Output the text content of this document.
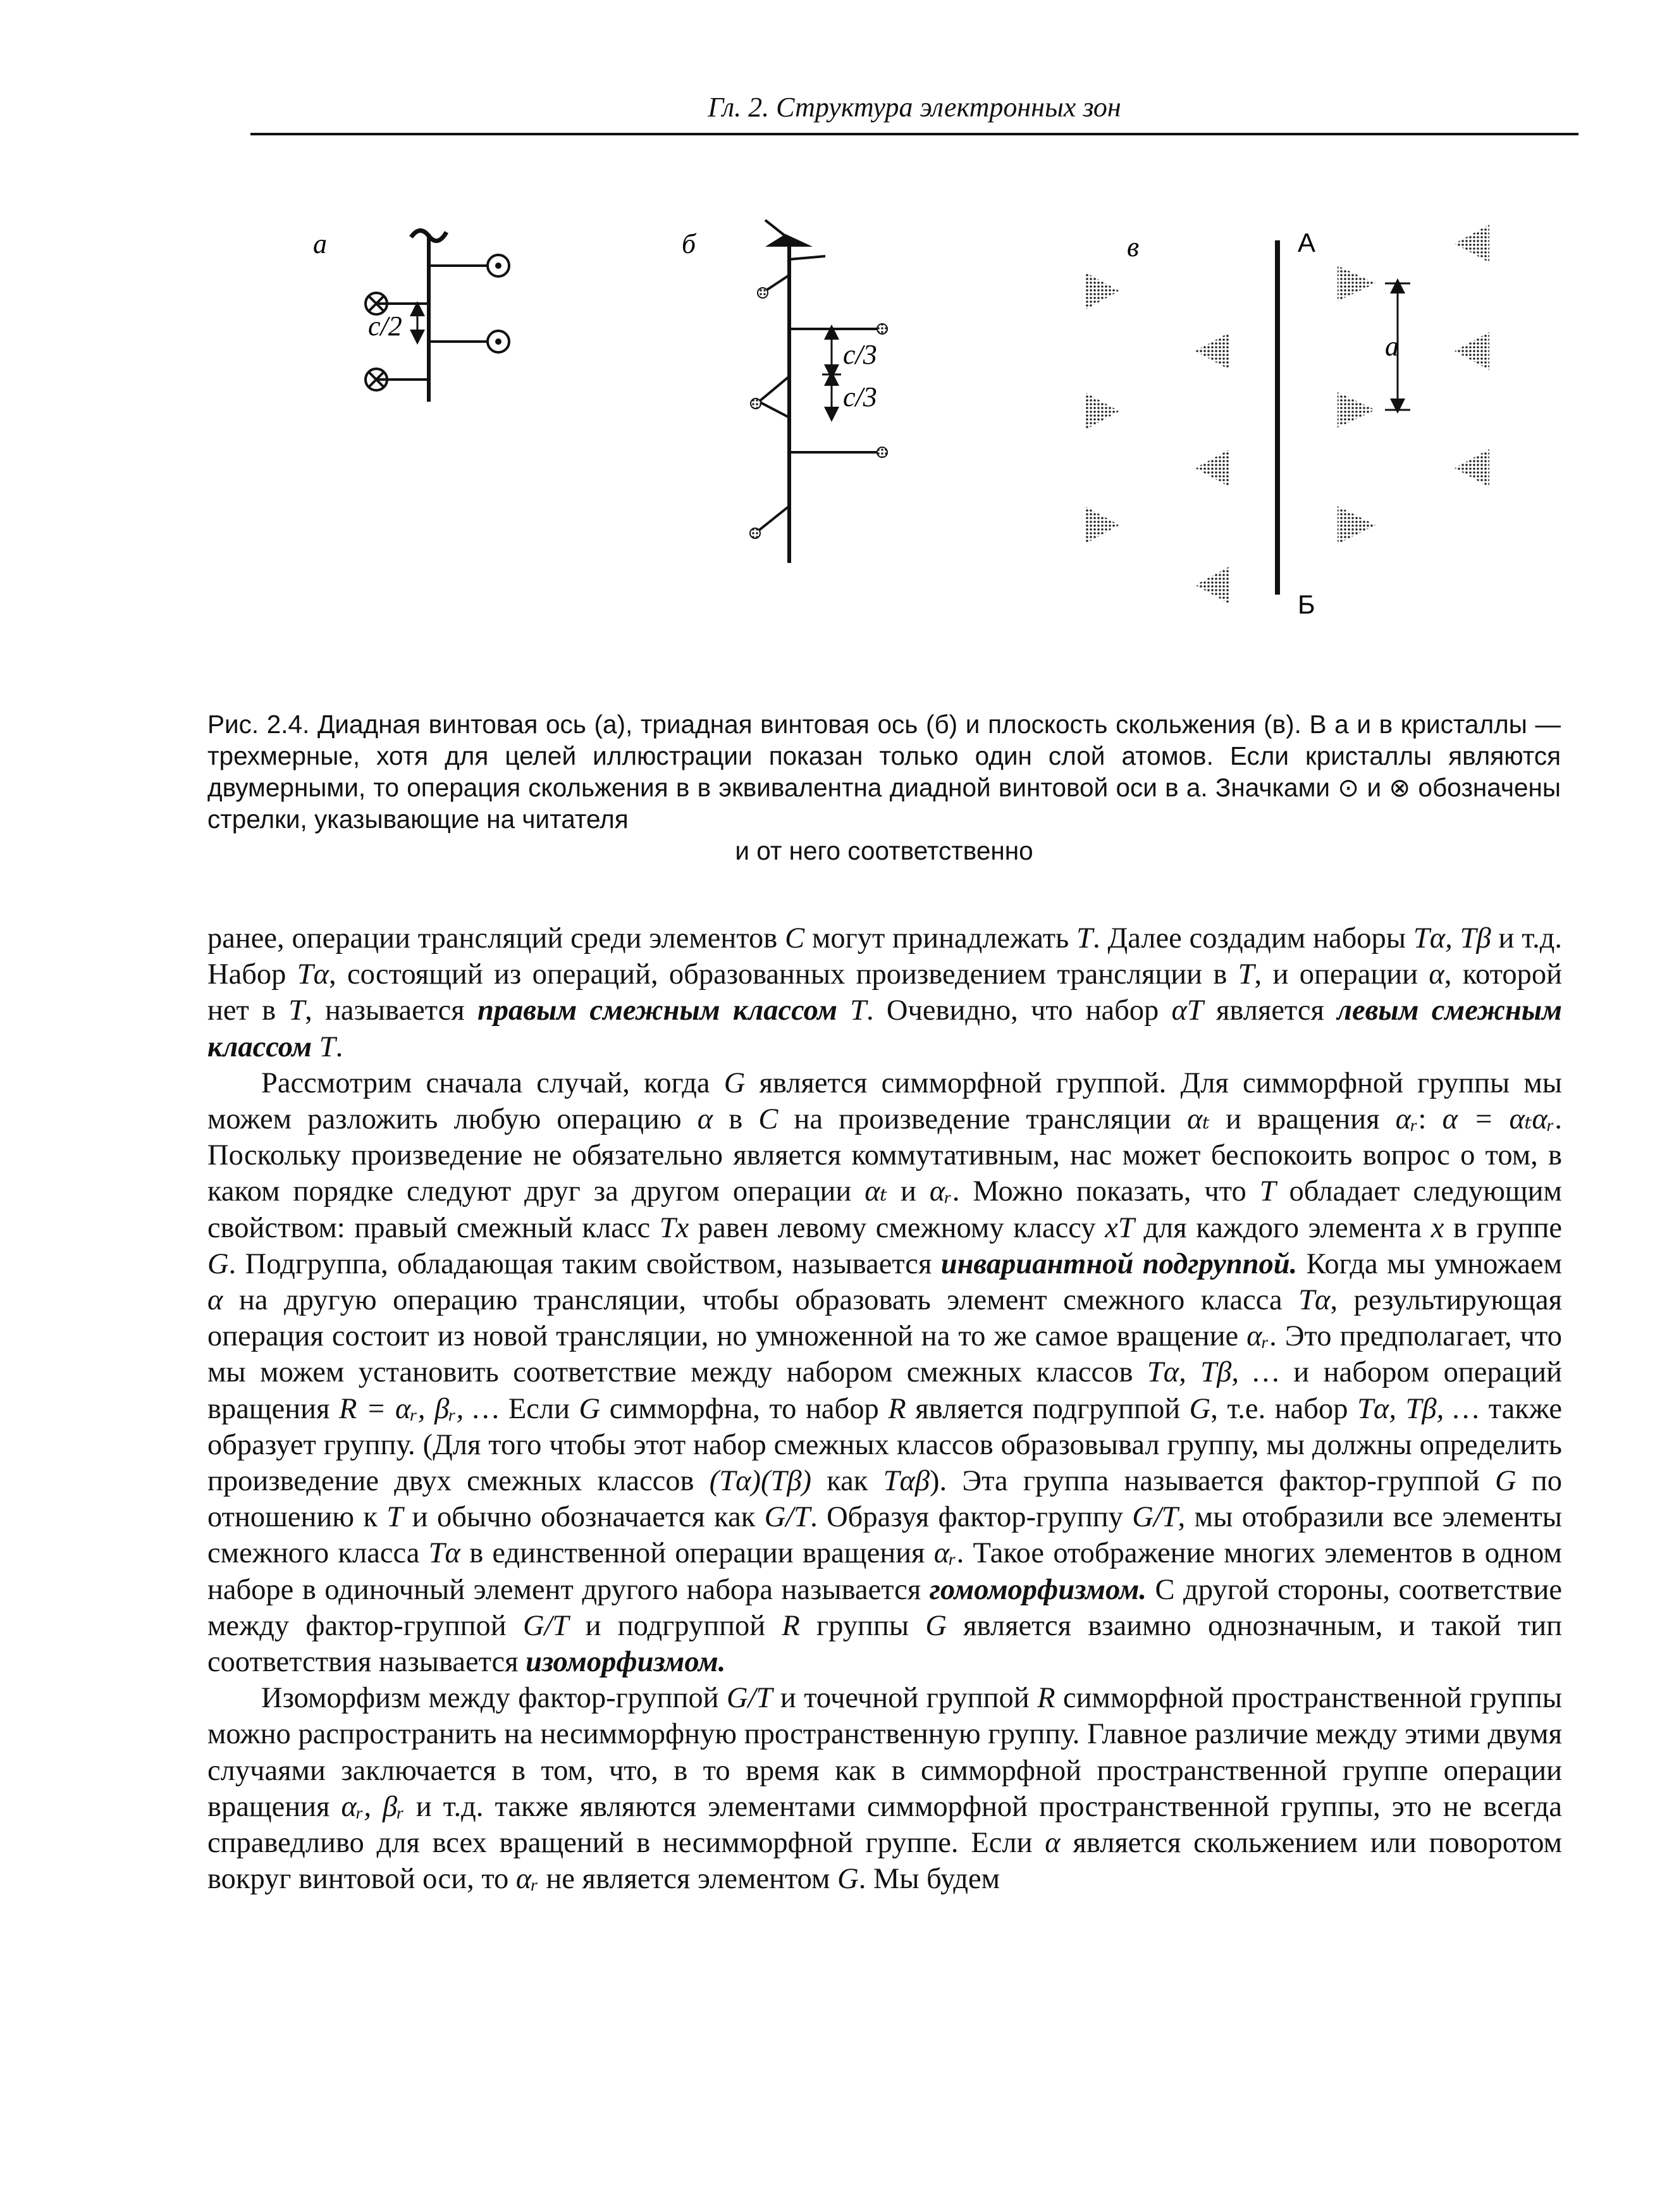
Гл. 2. Структура электронных зон
а
c/2
б
c/3
c/3
в	А
Б
a
Рис. 2.4. Диадная винтовая ось (а), триадная винтовая ось (б) и плоскость скольжения (в). В а и в кристаллы — трехмерные, хотя для целей иллюстрации показан только один слой атомов. Если кристаллы являются двумерными, то операция скольжения в в эквивалентна диадной винтовой оси в а. Значками ⊙ и ⊗ обозначены стрелки, указывающие на читателя
и от него соответственно

ранее, операции трансляций среди элементов C могут принадлежать T. Далее создадим наборы Tα, Tβ и т.д. Набор Tα, состоящий из операций, образованных произведением трансляции в T, и операции α, которой нет в T, называется правым смежным классом T. Очевидно, что набор αT является левым смежным классом T.

Рассмотрим сначала случай, когда G является симморфной группой. Для симморфной группы мы можем разложить любую операцию α в C на произведение трансляции αₜ и вращения αᵣ: α = αₜαᵣ. Поскольку произведение не обязательно является коммутативным, нас может беспокоить вопрос о том, в каком порядке следуют друг за другом операции αₜ и αᵣ. Можно показать, что T обладает следующим свойством: правый смежный класс Tx равен левому смежному классу xT для каждого элемента x в группе G. Подгруппа, обладающая таким свойством, называется инвариантной подгруппой. Когда мы умножаем α на другую операцию трансляции, чтобы образовать элемент смежного класса Tα, результирующая операция состоит из новой трансляции, но умноженной на то же самое вращение αᵣ. Это предполагает, что мы можем установить соответствие между набором смежных классов Tα, Tβ, … и набором операций вращения R = αᵣ, βᵣ, … Если G симморфна, то набор R является подгруппой G, т.е. набор Tα, Tβ, … также образует группу. (Для того чтобы этот набор смежных классов образовывал группу, мы должны определить произведение двух смежных классов (Tα)(Tβ) как Tαβ). Эта группа называется фактор-группой G по отношению к T и обычно обозначается как G/T. Образуя фактор-группу G/T, мы отобразили все элементы смежного класса Tα в единственной операции вращения αᵣ. Такое отображение многих элементов в одном наборе в одиночный элемент другого набора называется гомоморфизмом. С другой стороны, соответствие между фактор-группой G/T и подгруппой R группы G является взаимно однозначным, и такой тип соответствия называется изоморфизмом.

Изоморфизм между фактор-группой G/T и точечной группой R симморфной пространственной группы можно распространить на несимморфную пространственную группу. Главное различие между этими двумя случаями заключается в том, что, в то время как в симморфной пространственной группе операции вращения αᵣ, βᵣ и т.д. также являются элементами симморфной пространственной группы, это не всегда справедливо для всех вращений в несимморфной группе. Если α является скольжением или поворотом вокруг винтовой оси, то αᵣ не является элементом G. Мы будем
